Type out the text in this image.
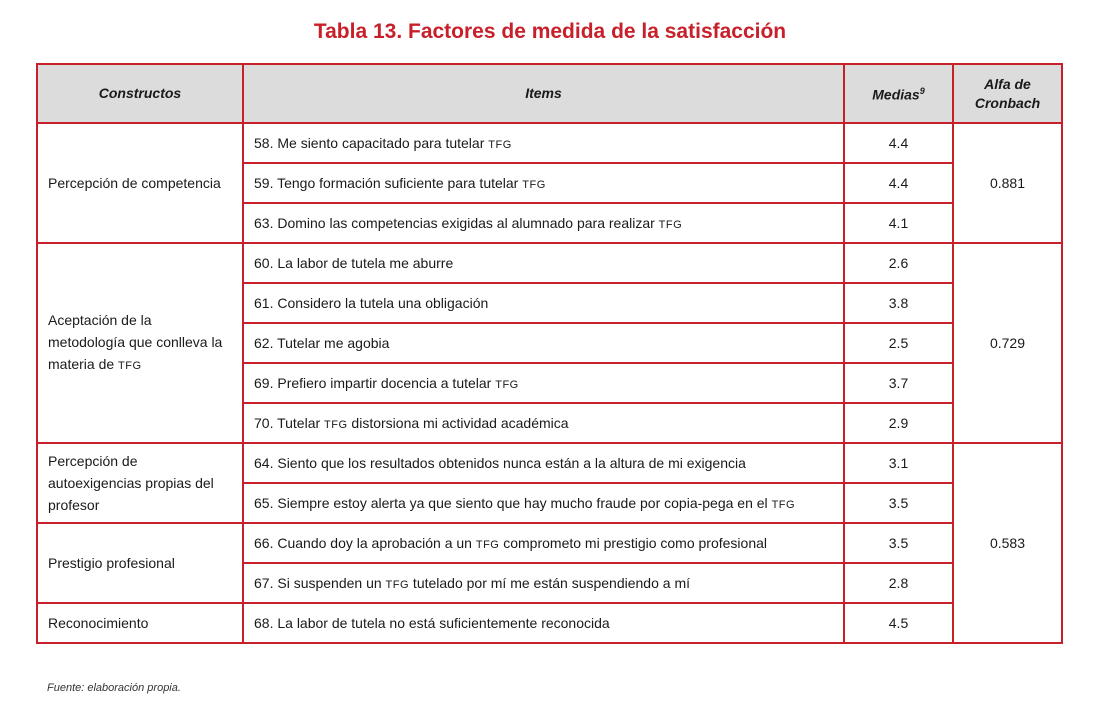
Tabla 13. Factores de medida de la satisfacción
Constructos	Items	Medias$^9$	Alfa de
Cronbach
Percepción de competencia	58. Me siento capacitado para tutelar TFG	4.4	0.881
	59. Tengo formación suficiente para tutelar TFG	4.4	
	63. Domino las competencias exigidas al alumnado para realizar TFG	4.1	
Aceptación de la metodología que conlleva la materia de TFG	60. La labor de tutela me aburre	2.6	0.729
	61. Considero la tutela una obligación	3.8	
	62. Tutelar me agobia	2.5	
	69. Prefiero impartir docencia a tutelar TFG	3.7	
	70. Tutelar TFG distorsiona mi actividad académica	2.9	
Percepción de autoexigencias propias del profesor	64. Siento que los resultados obtenidos nunca están a la altura de mi exigencia	3.1	0.583
	65. Siempre estoy alerta ya que siento que hay mucho fraude por copia-pega en el TFG	3.5	
Prestigio profesional	66. Cuando doy la aprobación a un TFG comprometo mi prestigio como profesional	3.5	
	67. Si suspenden un TFG tutelado por mí me están suspendiendo a mí	2.8	
Reconocimiento	68. La labor de tutela no está suficientemente reconocida	4.5	
Fuente: elaboración propia.
